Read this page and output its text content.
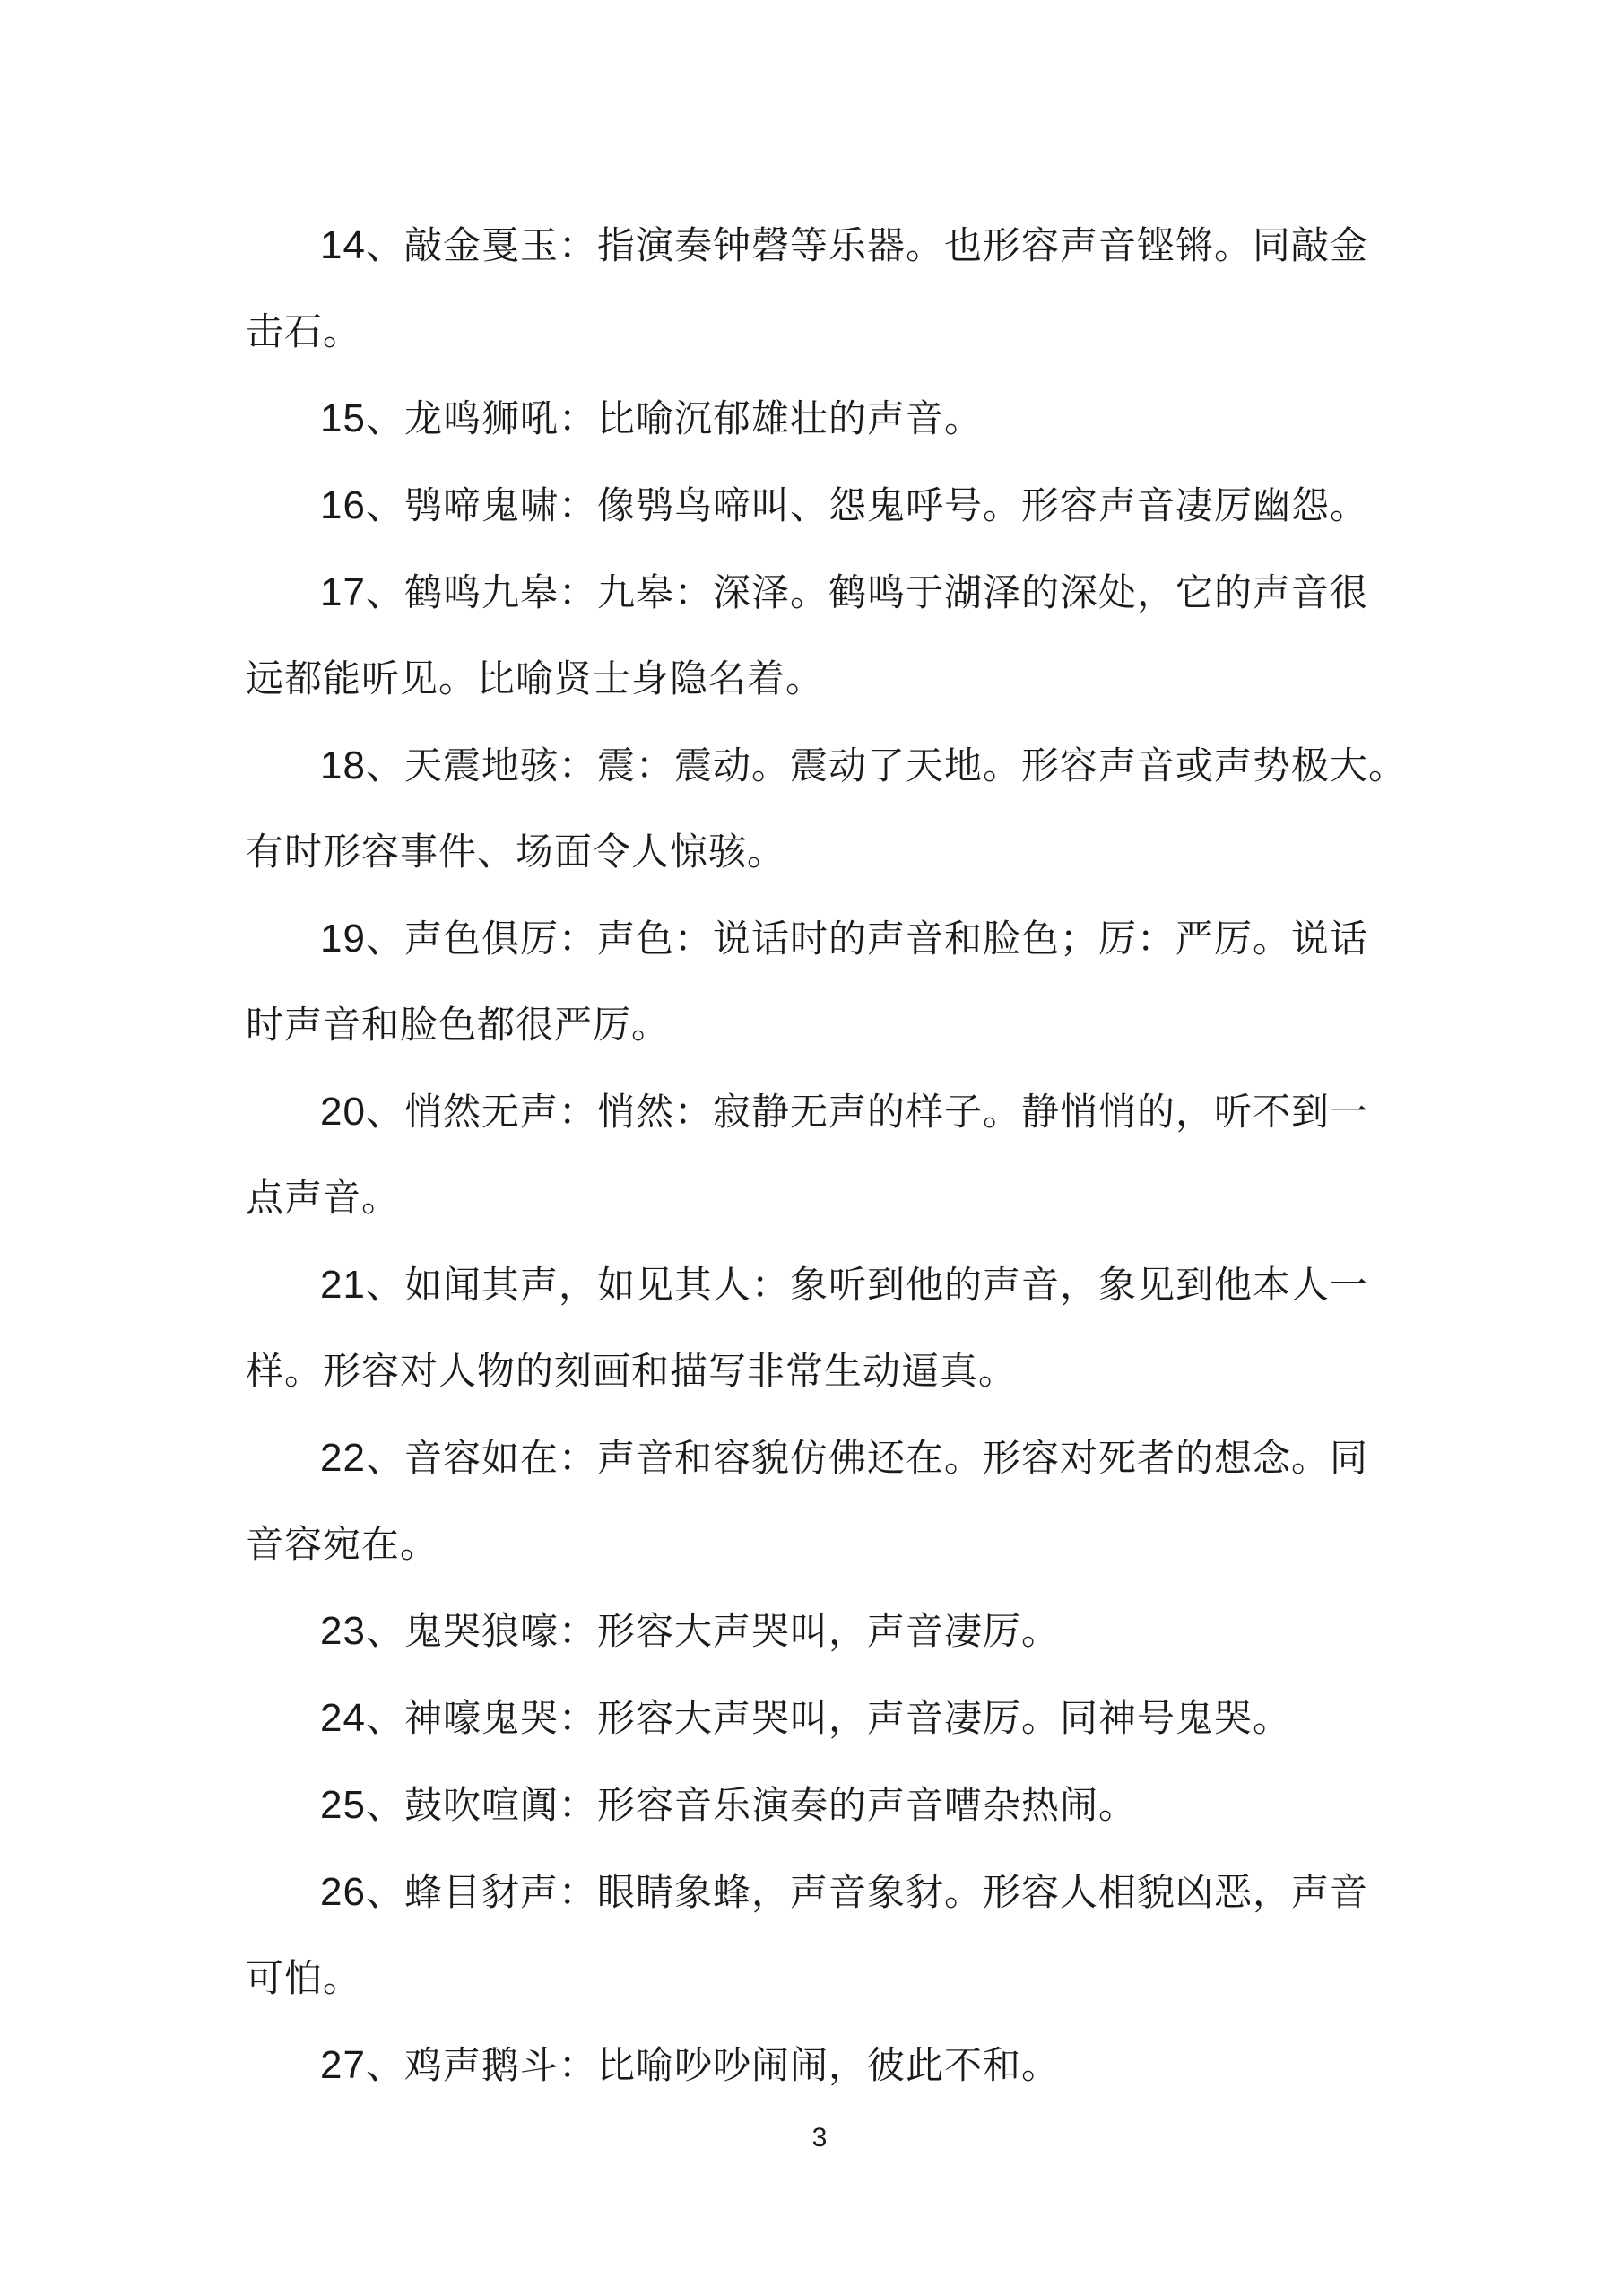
14、敲金戛玉：指演奏钟磬等乐器。也形容声音铿锵。同敲金

击石。

15、龙鸣狮吼：比喻沉郁雄壮的声音。

16、鸮啼鬼啸：像鸮鸟啼叫、怨鬼呼号。形容声音凄厉幽怨。

17、鹤鸣九皋：九皋：深泽。鹤鸣于湖泽的深处，它的声音很

远都能听见。比喻贤士身隐名着。

18、天震地骇：震：震动。震动了天地。形容声音或声势极大。

有时形容事件、场面令人惊骇。

19、声色俱厉：声色：说话时的声音和脸色；厉：严厉。说话

时声音和脸色都很严厉。

20、悄然无声：悄然：寂静无声的样子。静悄悄的，听不到一

点声音。

21、如闻其声，如见其人：象听到他的声音，象见到他本人一

样。形容对人物的刻画和描写非常生动逼真。

22、音容如在：声音和容貌仿佛还在。形容对死者的想念。同

音容宛在。

23、鬼哭狼嚎：形容大声哭叫，声音凄厉。

24、神嚎鬼哭：形容大声哭叫，声音凄厉。同神号鬼哭。

25、鼓吹喧阗：形容音乐演奏的声音嘈杂热闹。

26、蜂目豺声：眼睛象蜂，声音象豺。形容人相貌凶恶，声音

可怕。

27、鸡声鹅斗：比喻吵吵闹闹，彼此不和。

3
